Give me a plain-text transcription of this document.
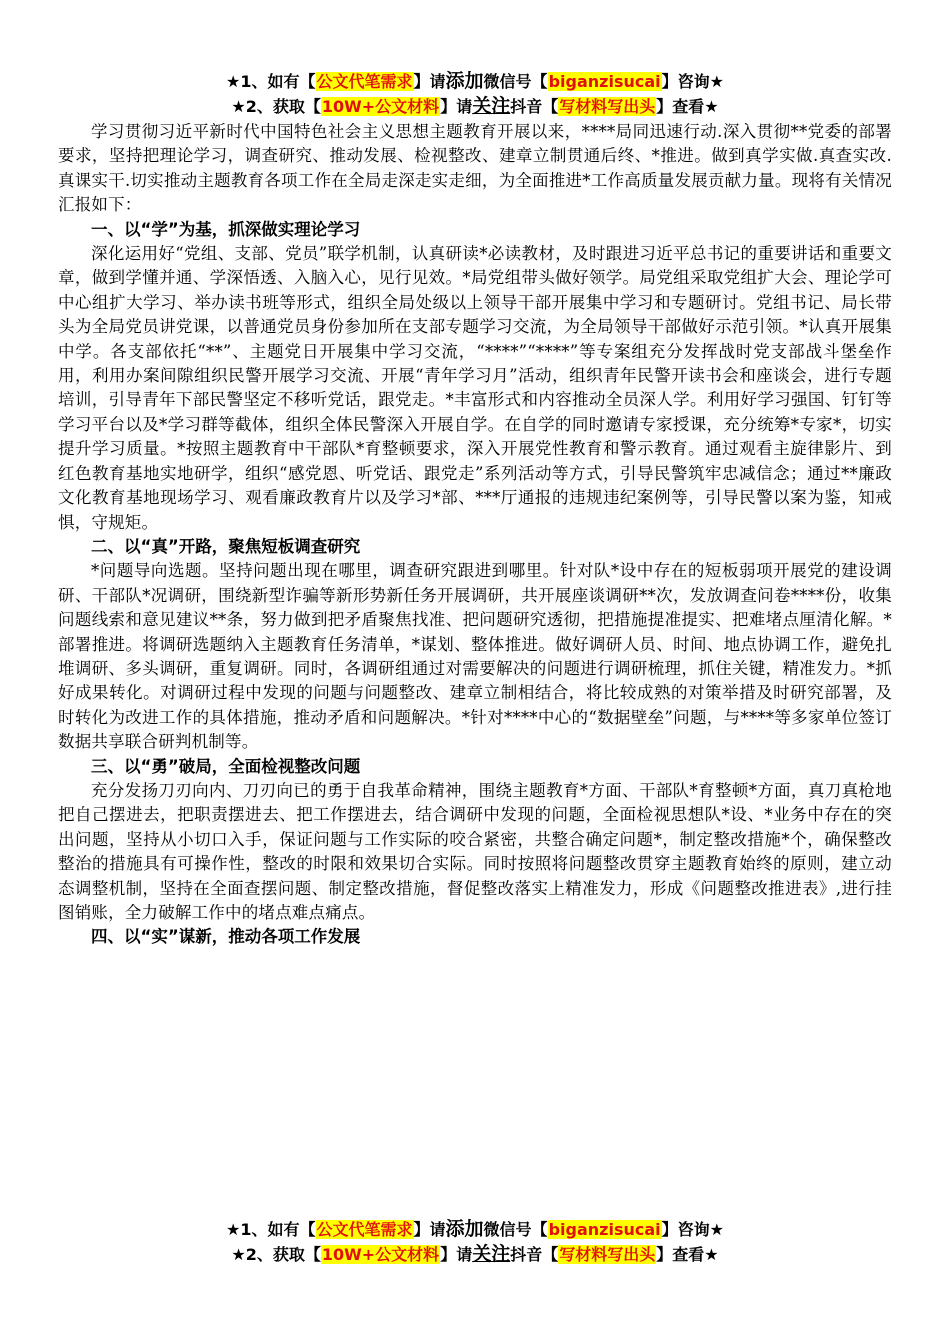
★1、如有【公文代笔需求】请添加微信号【biganzisucai】咨询★
★2、获取【10W+公文材料】请关注抖音【写材料写出头】查看★

学习贯彻习近平新时代中国特色社会主义思想主题教育开展以来，****局同迅速行动.深入贯彻**党委的部署要求，坚持把理论学习，调查研究、推动发展、检视整改、建章立制贯通后终、*推进。做到真学实做.真查实改.真课实干.切实推动主题教育各项工作在全局走深走实走细，为全面推进*工作高质量发展贡献力量。现将有关情况汇报如下：

一、以“学”为基，抓深做实理论学习

深化运用好“党组、支部、党员”联学机制，认真研读*必读教材，及时跟进习近平总书记的重要讲话和重要文章，做到学懂并通、学深悟透、入脑入心，见行见效。*局党组带头做好领学。局党组采取党组扩大会、理论学可中心组扩大学习、举办读书班等形式，组织全局处级以上领导干部开展集中学习和专题研讨。党组书记、局长带头为全局党员讲党课，以普通党员身份参加所在支部专题学习交流，为全局领导干部做好示范引领。*认真开展集中学。各支部依托“**”、主题党日开展集中学习交流，“****”“****”等专案组充分发挥战时党支部战斗堡垒作用，利用办案间隙组织民警开展学习交流、开展“青年学习月”活动，组织青年民警开读书会和座谈会，进行专题培训，引导青年下部民警坚定不移听党话，跟党走。*丰富形式和内容推动全员深人学。利用好学习强国、钉钉等学习平台以及*学习群等截体，组织全体民警深入开展自学。在自学的同时邀请专家授课，充分统筹*专家*，切实提升学习质量。*按照主题教育中干部队*育整顿要求，深入开展党性教育和警示教育。通过观看主旋律影片、到红色教育基地实地研学，组织“感党恩、听党话、跟党走”系列活动等方式，引导民警筑牢忠减信念；通过**廉政文化教育基地现场学习、观看廉政教育片以及学习*部、***厅通报的违规违纪案例等，引导民警以案为鉴，知戒惧，守规矩。

二、以“真”开路，聚焦短板调查研究

*问题导向选题。坚持问题出现在哪里，调查研究跟进到哪里。针对队*设中存在的短板弱项开展党的建设调研、干部队*况调研，围绕新型诈骗等新形势新任务开展调研，共开展座谈调研**次，发放调查问卷****份，收集问题线索和意见建议**条，努力做到把矛盾聚焦找准、把问题研究透彻，把措施提准提实、把难堵点厘清化解。*部署推进。将调研选题纳入主题教育任务清单，*谋划、整体推进。做好调研人员、时间、地点协调工作，避免扎堆调研、多头调研，重复调研。同时，各调研组通过对需要解决的问题进行调研梳理，抓住关键，精准发力。*抓好成果转化。对调研过程中发现的问题与问题整改、建章立制相结合，将比较成熟的对策举措及时研究部署，及时转化为改进工作的具体措施，推动矛盾和问题解决。*针对****中心的“数据壁垒”问题，与****等多家单位签订数据共享联合研判机制等。

三、以“勇”破局，全面检视整改问题

充分发扬刀刃向内、刀刃向已的勇于自我革命精神，围绕主题教育*方面、干部队*育整顿*方面，真刀真枪地把自己摆进去，把职责摆进去、把工作摆进去，结合调研中发现的问题，全面检视思想队*设、*业务中存在的突出问题，坚持从小切口入手，保证问题与工作实际的咬合紧密，共整合确定问题*，制定整改措施*个，确保整改整治的措施具有可操作性，整改的时限和效果切合实际。同时按照将问题整改贯穿主题教育始终的原则，建立动态调整机制，坚持在全面查摆问题、制定整改措施，督促整改落实上精准发力，形成《问题整改推进表》,进行挂图销账，全力破解工作中的堵点难点痛点。

四、以“实”谋新，推动各项工作发展
★1、如有【公文代笔需求】请添加微信号【biganzisucai】咨询★
★2、获取【10W+公文材料】请关注抖音【写材料写出头】查看★
